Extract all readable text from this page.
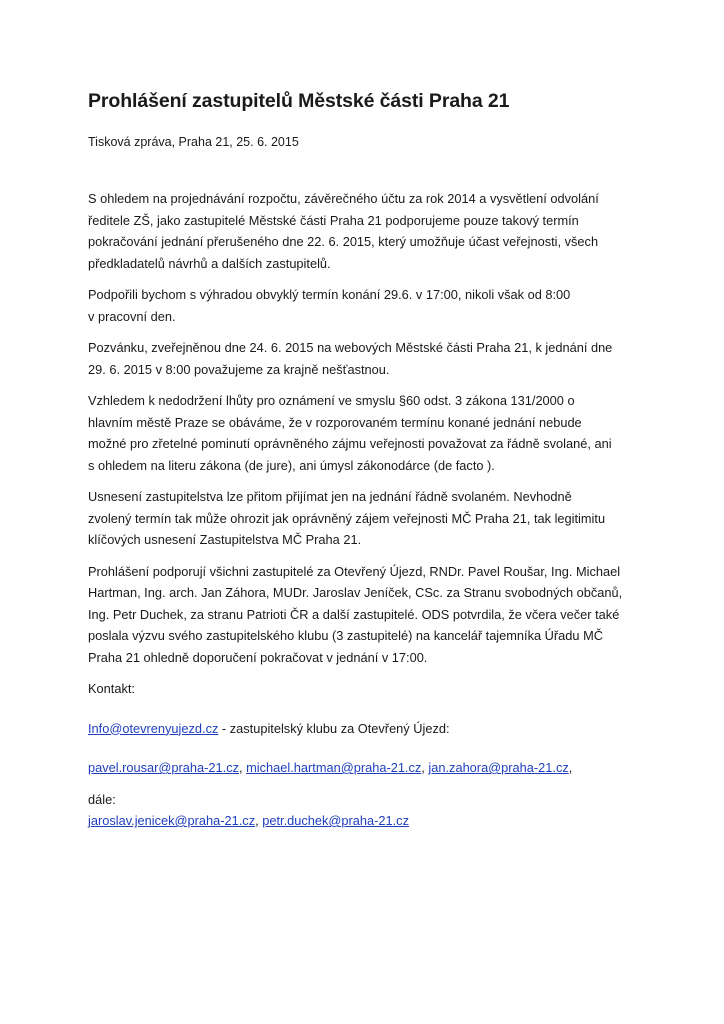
Prohlášení zastupitelů Městské části Praha 21

Tisková zpráva, Praha 21, 25. 6. 2015

S ohledem na projednávání rozpočtu, závěrečného účtu za rok 2014 a vysvětlení odvolání
ředitele ZŠ, jako zastupitelé Městské části Praha 21 podporujeme pouze takový termín
pokračování jednání přerušeného dne 22. 6. 2015, který umožňuje účast veřejnosti, všech
předkladatelů návrhů a dalších zastupitelů.

Podpořili bychom s výhradou obvyklý termín konání 29.6. v 17:00, nikoli však od 8:00
v pracovní den.

Pozvánku, zveřejněnou dne 24. 6. 2015 na webových Městské části Praha 21, k jednání dne
29. 6. 2015 v 8:00 považujeme za krajně nešťastnou.

Vzhledem k nedodržení lhůty pro oznámení ve smyslu §60 odst. 3 zákona 131/2000 o
hlavním městě Praze se obáváme, že v rozporovaném termínu konané jednání nebude
možné pro zřetelné pominutí oprávněného zájmu veřejnosti považovat za řádně svolané, ani
s ohledem na literu zákona (de jure), ani úmysl zákonodárce (de facto ).

Usnesení zastupitelstva lze přitom přijímat jen na jednání řádně svolaném. Nevhodně
zvolený termín tak může ohrozit jak oprávněný zájem veřejnosti MČ Praha 21, tak legitimitu
klíčových usnesení Zastupitelstva MČ Praha 21.

Prohlášení podporují všichni zastupitelé za Otevřený Újezd, RNDr. Pavel Roušar, Ing. Michael
Hartman, Ing. arch. Jan Záhora, MUDr. Jaroslav Jeníček, CSc. za Stranu svobodných občanů,
Ing. Petr Duchek, za stranu Patrioti ČR a další zastupitelé. ODS potvrdila, že včera večer také
poslala výzvu svého zastupitelského klubu (3 zastupitelé) na kancelář tajemníka Úřadu MČ
Praha 21 ohledně doporučení pokračovat v jednání v 17:00.

Kontakt:

Info@otevrenyujezd.cz - zastupitelský klubu za Otevřený Újezd:

pavel.rousar@praha-21.cz, michael.hartman@praha-21.cz, jan.zahora@praha-21.cz,

dále:

jaroslav.jenicek@praha-21.cz, petr.duchek@praha-21.cz
